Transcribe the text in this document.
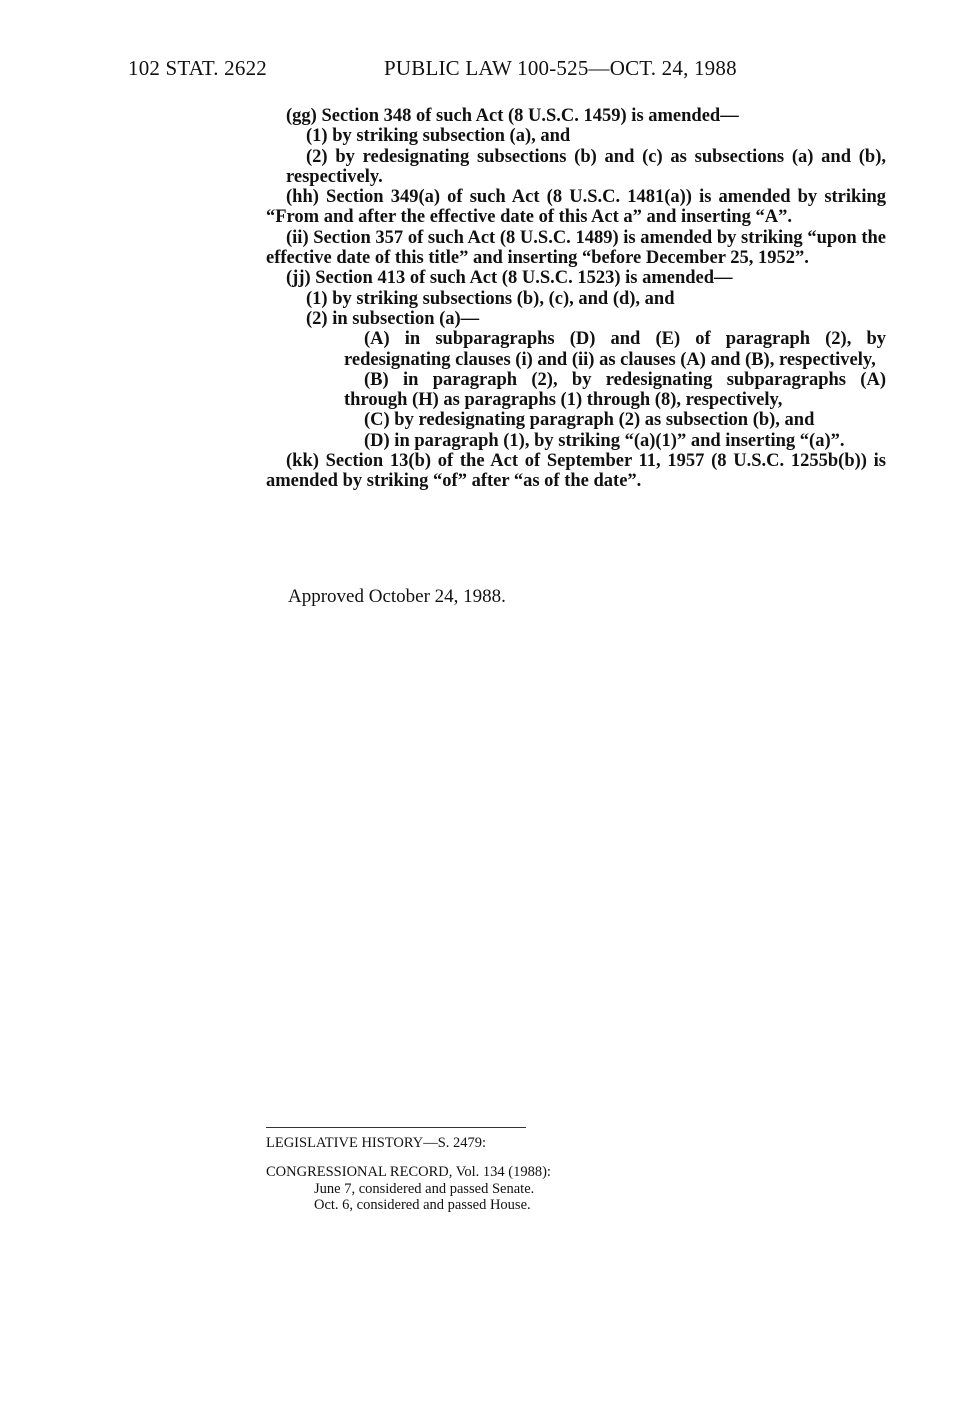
102 STAT. 2622	PUBLIC LAW 100-525—OCT. 24, 1988

(gg) Section 348 of such Act (8 U.S.C. 1459) is amended—

(1) by striking subsection (a), and

(2) by redesignating subsections (b) and (c) as subsections (a) and (b), respectively.

(hh) Section 349(a) of such Act (8 U.S.C. 1481(a)) is amended by striking “From and after the effective date of this Act a” and inserting “A”.

(ii) Section 357 of such Act (8 U.S.C. 1489) is amended by striking “upon the effective date of this title” and inserting “before December 25, 1952”.

(jj) Section 413 of such Act (8 U.S.C. 1523) is amended—

(1) by striking subsections (b), (c), and (d), and

(2) in subsection (a)—

(A) in subparagraphs (D) and (E) of paragraph (2), by redesignating clauses (i) and (ii) as clauses (A) and (B), respectively,

(B) in paragraph (2), by redesignating subparagraphs (A) through (H) as paragraphs (1) through (8), respectively,

(C) by redesignating paragraph (2) as subsection (b), and

(D) in paragraph (1), by striking “(a)(1)” and inserting “(a)”.

(kk) Section 13(b) of the Act of September 11, 1957 (8 U.S.C. 1255b(b)) is amended by striking “of” after “as of the date”.

Approved October 24, 1988.
LEGISLATIVE HISTORY—S. 2479:
CONGRESSIONAL RECORD, Vol. 134 (1988):
June 7, considered and passed Senate.
Oct. 6, considered and passed House.
